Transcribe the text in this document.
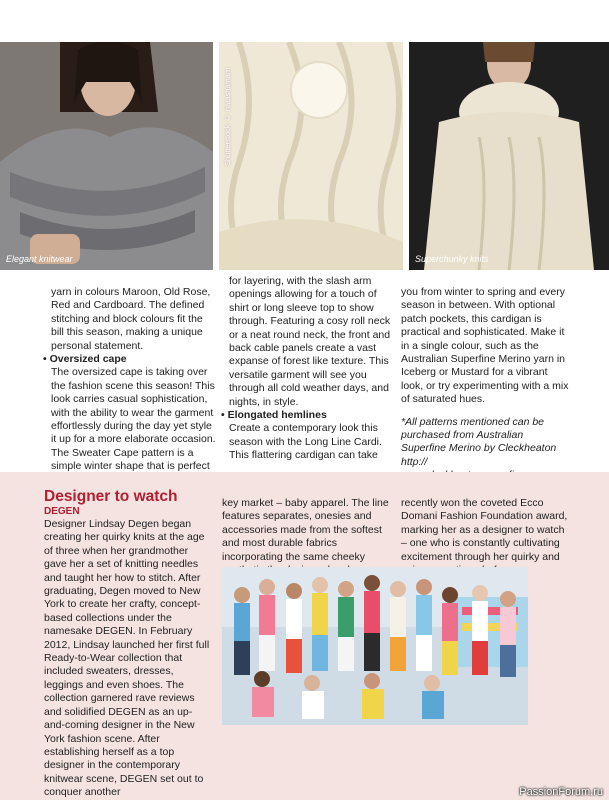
Elegant knitwear
Shutterstock © natashamam
Superchunky knits

yarn in colours Maroon, Old Rose, Red and Cardboard. The defined stitching and block colours fit the bill this season, making a unique personal statement.

• Oversized cape

The oversized cape is taking over the fashion scene this season! This look carries casual sophistication, with the ability to wear the garment effortlessly during the day yet style it up for a more elaborate occasion. The Sweater Cape pattern is a simple winter shape that is perfect

for layering, with the slash arm openings allowing for a touch of shirt or long sleeve top to show through. Featuring a cosy roll neck or a neat round neck, the front and back cable panels create a vast expanse of forest like texture. This versatile garment will see you through all cold weather days, and nights, in style.

• Elongated hemlines

Create a contemporary look this season with the Long Line Cardi. This flattering cardigan can take

you from winter to spring and every season in between. With optional patch pockets, this cardigan is practical and sophisticated. Make it in a single colour, such as the Australian Superfine Merino yarn in Iceberg or Mustard for a vibrant look, or try experimenting with a mix of saturated hues.

*All patterns mentioned can be purchased from Australian Superfine Merino by Cleckheaton http://

Designer to watch

DEGEN

Designer Lindsay Degen began creating her quirky knits at the age of three when her grandmother gave her a set of knitting needles and taught her how to stitch. After graduating, Degen moved to New York to create her crafty, concept-based collections under the namesake DEGEN. In February 2012, Lindsay launched her first full Ready-to-Wear collection that included sweaters, dresses, leggings and even shoes. The collection garnered rave reviews and solidified DEGEN as an up-and-coming designer in the New York fashion scene. After establishing herself as a top designer in the contemporary knitwear scene, DEGEN set out to conquer another

key market – baby apparel. The line features separates, onesies and accessories made from the softest and most durable fabrics incorporating the same cheeky

recently won the coveted Ecco Domani Fashion Foundation award, marking her as a designer to watch – one who is constantly cultivating excitement through her quirky and

PassionForum.ru
